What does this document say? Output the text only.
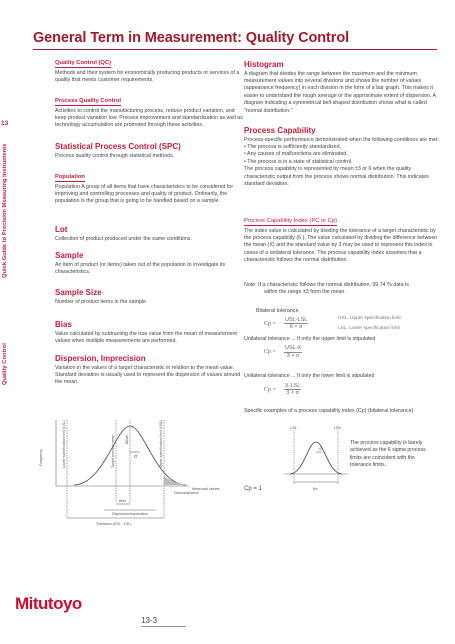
General Term in Measurement: Quality Control
13
Quick Guide to Precision Measuring Instruments
Quality Control
Quality Control (QC)

Methods and their system for economically producing products or services of a quality that meets customer requirements.

Process Quality Control

Activities to control the manufacturing process, reduce product variation, and keep product variation low. Process improvement and standardization as well as technology accumulation are promoted through these activities.

Statistical Process Control (SPC)

Process quality control through statistical methods.

Population

Population A group of all items that have characteristics to be considered for improving and controlling processes and quality of product. Ordinarily, the population is the group that is going to be handled based on a sample.

Lot

Collection of product produced under the same conditions.

Sample

An item of product (or items) taken out of the population to investigate its characteristics.

Sample Size

Number of product items in the sample.

Bias

Value calculated by subtracting the true value from the mean of measurement values when multiple measurements are performed.

Dispersion, Imprecision

Variation in the values of a target characteristic in relation to the mean value. Standard deviation is usually used to represent the dispersion of values around the mean.

Frequency	Lower specification limit (LSL)	Target process mean	Mean	Upper specification limit (USL)
σ
Noncompliance
Measured values
Bias
Dispersion/imprecision
Tolerance (USL - LSL)
Histogram

A diagram that divides the range between the maximum and the minimum measurement values into several divisions and shows the number of values (appearance frequency) in each division in the form of a bar graph. This makes it easier to understand the rough average or the approximate extent of dispersion. A diagram indicating a symmetrical bell-shaped distribution shows what is called "normal distribution."

Process Capability

Process-specific performance demonstrated when the following conditions are met:

• The process is sufficiently standardized,

• Any causes of malfunctions are eliminated,

• The process is in a state of statistical control.

The process capability is represented by mean ±3 or 6 when the quality characteristic output from the process shows normal distribution. This indicates standard deviation.

Process Capability Index (PC or Cp)

The index value is calculated by dividing the tolerance of a target characteristic by the process capability (6 ). The value calculated by dividing the difference between the mean (X) and the standard value by 3 may be used to represent this index in cases of a unilateral tolerance. The process capability index assumes that a characteristic follows the normal distribution.

Note: If a characteristic follows the normal distribution, 99.74 % data is

within the range ±3 from the mean.

Bilateral tolerance

Cp =
USL-LSL
6 × σ
USL: Upper specification limit
LSL: Lower specification limit

Unilateral tolerance ... If only the upper limit is stipulated

Cp =
USL-X
3 × σ

Unilateral tolerance ... If only the lower limit is stipulated

Cp =
X-LSL
3 × σ

Specific examples of a process capability index (Cp) (bilateral tolerance)

Cp = 1

LSL	USL
σ
6σ

The process capability is barely achieved as the 6 sigma process limits are coincident with the tolerance limits.

Mitutoyo
13-3
